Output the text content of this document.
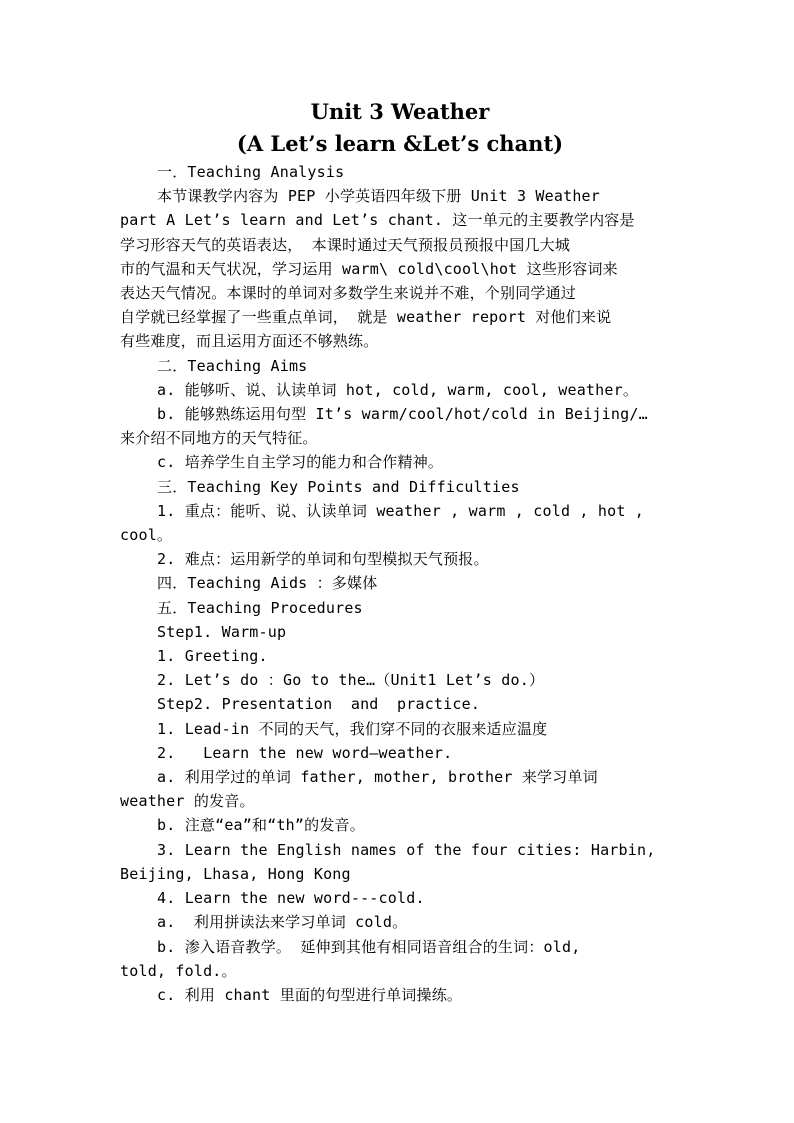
Unit 3 Weather
(A Let’s learn &Let’s chant)
一．Teaching Analysis
本节课教学内容为 PEP 小学英语四年级下册 Unit 3 Weather
part A Let’s learn and Let’s chant. 这一单元的主要教学内容是
学习形容天气的英语表达， 本课时通过天气预报员预报中国几大城
市的气温和天气状况，学习运用 warm\ cold\cool\hot 这些形容词来
表达天气情况。本课时的单词对多数学生来说并不难，个别同学通过
自学就已经掌握了一些重点单词， 就是 weather report 对他们来说
有些难度，而且运用方面还不够熟练。
二．Teaching Aims
a. 能够听、说、认读单词 hot, cold, warm, cool, weather。
b. 能够熟练运用句型 It’s warm/cool/hot/cold in Beijing/…
来介绍不同地方的天气特征。
c. 培养学生自主学习的能力和合作精神。
三．Teaching Key Points and Difficulties
1. 重点：能听、说、认读单词 weather , warm , cold , hot ,
cool。
2. 难点：运用新学的单词和句型模拟天气预报。
四．Teaching Aids ：多媒体
五．Teaching Procedures
Step1. Warm-up
1. Greeting.
2. Let’s do ：Go to the…（Unit1 Let’s do.）
Step2. Presentation  and  practice.
1. Lead-in 不同的天气，我们穿不同的衣服来适应温度
2.   Learn the new word—weather.
a. 利用学过的单词 father, mother, brother 来学习单词
weather 的发音。
b. 注意“ea”和“th”的发音。
3. Learn the English names of the four cities: Harbin,
Beijing, Lhasa, Hong Kong
4. Learn the new word---cold.
a.  利用拼读法来学习单词 cold。
b. 渗入语音教学。 延伸到其他有相同语音组合的生词：old,
told, fold.。
c. 利用 chant 里面的句型进行单词操练。
